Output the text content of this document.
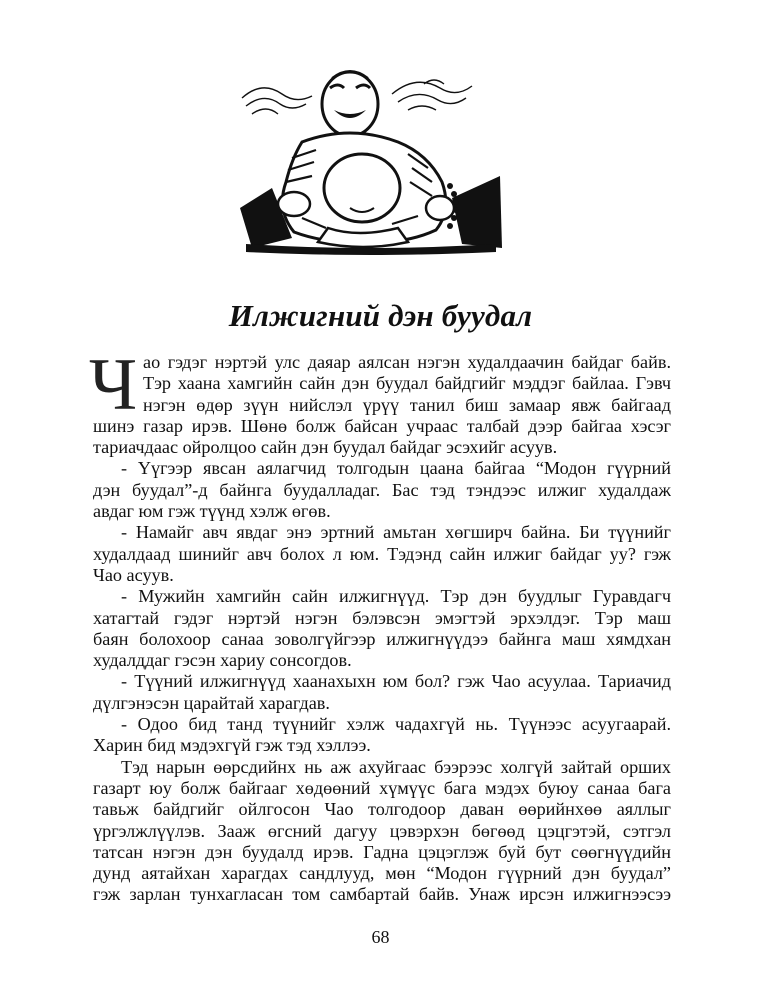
Илжигний дэн буудал
Ч ао гэдэг нэртэй улс даяар аялсан нэгэн худалдаачин байдаг байв.
Тэр хаана хамгийн сайн дэн буудал байдгийг мэддэг байлаа. Гэвч
нэгэн өдөр зүүн нийслэл үрүү танил биш замаар явж байгаад
шинэ газар ирэв. Шөнө болж байсан учраас талбай дээр байгаа хэсэг
тариачдаас ойролцоо сайн дэн буудал байдаг эсэхийг асуув.
- Үүгээр явсан аялагчид толгодын цаана байгаа “Модон гүүрний
дэн буудал”-д байнга буудалладаг. Бас тэд тэндээс илжиг худалдаж
авдаг юм гэж түүнд хэлж өгөв.
- Намайг авч явдаг энэ эртний амьтан хөгширч байна. Би түүнийг
худалдаад шинийг авч болох л юм. Тэдэнд сайн илжиг байдаг уу? гэж
Чао асуув.
- Мужийн хамгийн сайн илжигнүүд. Тэр дэн буудлыг Гуравдагч
хатагтай гэдэг нэртэй нэгэн бэлэвсэн эмэгтэй эрхэлдэг. Тэр маш
баян болохоор санаа зоволгүйгээр илжигнүүдээ байнга маш хямдхан
худалддаг гэсэн хариу сонсогдов.
- Түүний илжигнүүд хаанахыхн юм бол? гэж Чао асуулаа. Тариачид
дүлгэнэсэн царайтай харагдав.
- Одоо бид танд түүнийг хэлж чадахгүй нь. Түүнээс асуугаарай.
Харин бид мэдэхгүй гэж тэд хэллээ.
Тэд нарын өөрсдийнх нь аж ахуйгаас бээрээс холгүй зайтай орших
газарт юу болж байгааг хөдөөний хүмүүс бага мэдэх буюу санаа бага
тавьж байдгийг ойлгосон Чао толгодоор даван өөрийнхөө аяллыг
үргэлжлүүлэв. Зааж өгсний дагуу цэвэрхэн бөгөөд цэцгэтэй, сэтгэл
татсан нэгэн дэн буудалд ирэв. Гадна цэцэглэж буй бут сөөгнүүдийн
дунд аятайхан харагдах сандлууд, мөн “Модон гүүрний дэн буудал”
гэж зарлан тунхагласан том самбартай байв. Унаж ирсэн илжигнээсээ
68
